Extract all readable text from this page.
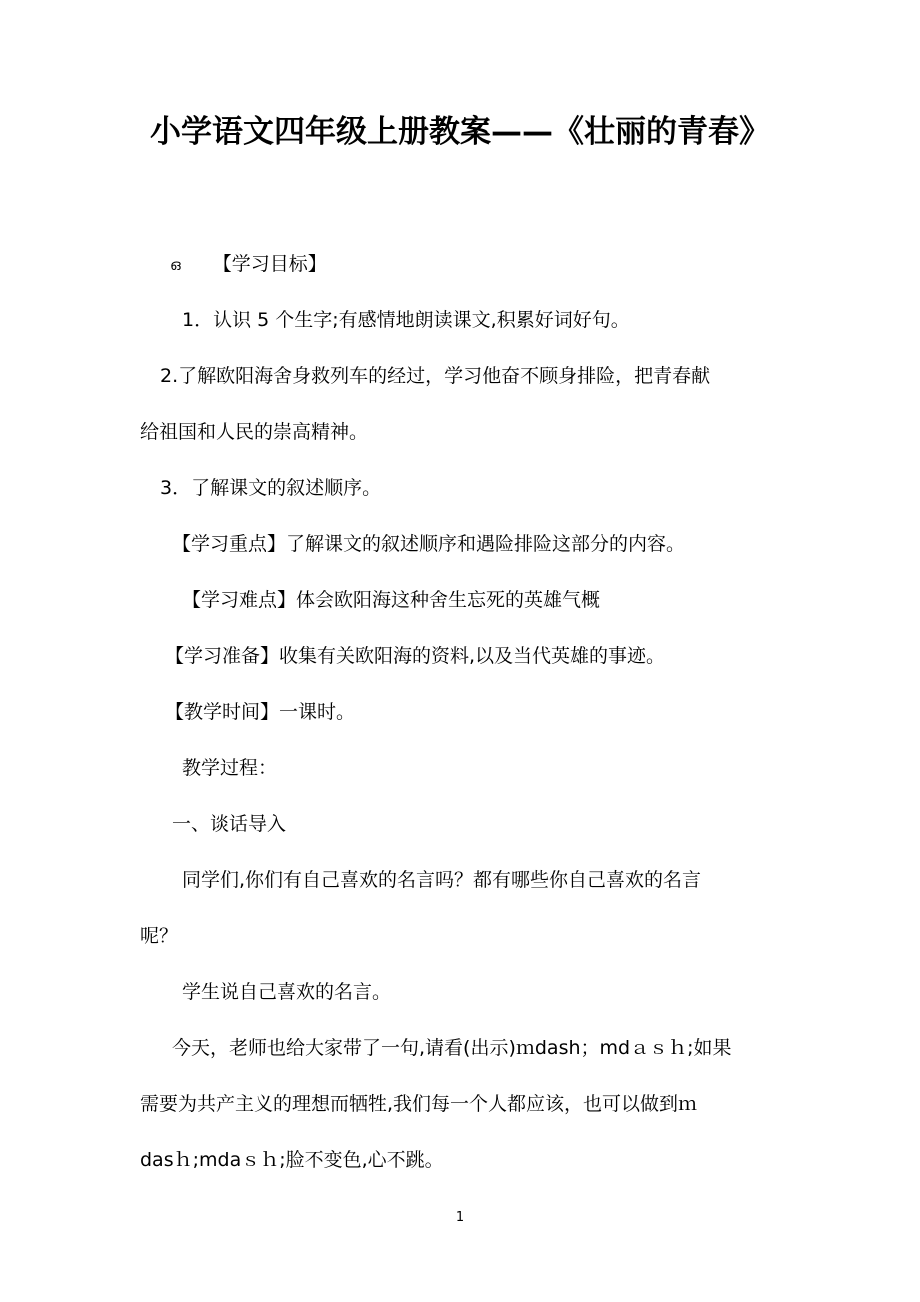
小学语文四年级上册教案——《壮丽的青春》
ഒ 【学习目标】
1．认识 5 个生字;有感情地朗读课文,积累好词好句。
2.了解欧阳海舍身救列车的经过，学习他奋不顾身排险，把青春献
给祖国和人民的崇高精神。
3．了解课文的叙述顺序。
【学习重点】了解课文的叙述顺序和遇险排险这部分的内容。
【学习难点】体会欧阳海这种舍生忘死的英雄气概
【学习准备】收集有关欧阳海的资料,以及当代英雄的事迹。
【教学时间】一课时。
教学过程：
一、谈话导入
同学们,你们有自己喜欢的名言吗？都有哪些你自己喜欢的名言
呢？
学生说自己喜欢的名言。
今天，老师也给大家带了一句,请看(出示)ｍdash；mdａｓｈ;如果
需要为共产主义的理想而牺牲,我们每一个人都应该，也可以做到ｍ
dasｈ;mdaｓｈ;脸不变色,心不跳。
1
